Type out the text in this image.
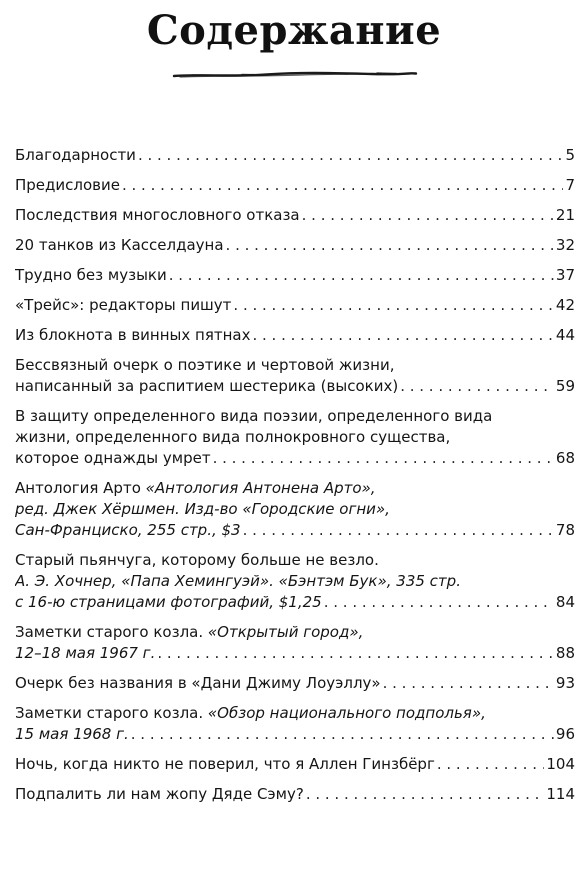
Содержание
Благодарности . . .	5
Предисловие . . .	7
Последствия многословного отказа . . .	21
20 танков из Касселдауна . . .	32
Трудно без музыки . . .	37
«Трейс»: редакторы пишут . . .	42
Из блокнота в винных пятнах . . .	44
Бессвязный очерк о поэтике и чертовой жизни,
написанный за распитием шестерика (высоких) . . .	59
В защиту определенного вида поэзии, определенного вида
жизни, определенного вида полнокровного существа,
которое однажды умрет . . .	68
Антология Арто «Антология Антонена Арто»,
ред. Джек Хёршмен. Изд-во «Городские огни»,
Сан-Франциско, 255 стр., $3 . . .	78
Старый пьянчуга, которому больше не везло.
А. Э. Хочнер, «Папа Хемингуэй». «Бэнтэм Бук», 335 стр.
с 16-ю страницами фотографий, $1,25 . . .	84
Заметки старого козла. «Открытый город»,
12–18 мая 1967 г. . . .	88
Очерк без названия в «Дани Джиму Лоуэллу» . . .	93
Заметки старого козла. «Обзор национального подполья»,
15 мая 1968 г. . . .	96
Ночь, когда никто не поверил, что я Аллен Гинзбёрг . . .	104
Подпалить ли нам жопу Дяде Сэму? . . .	114
